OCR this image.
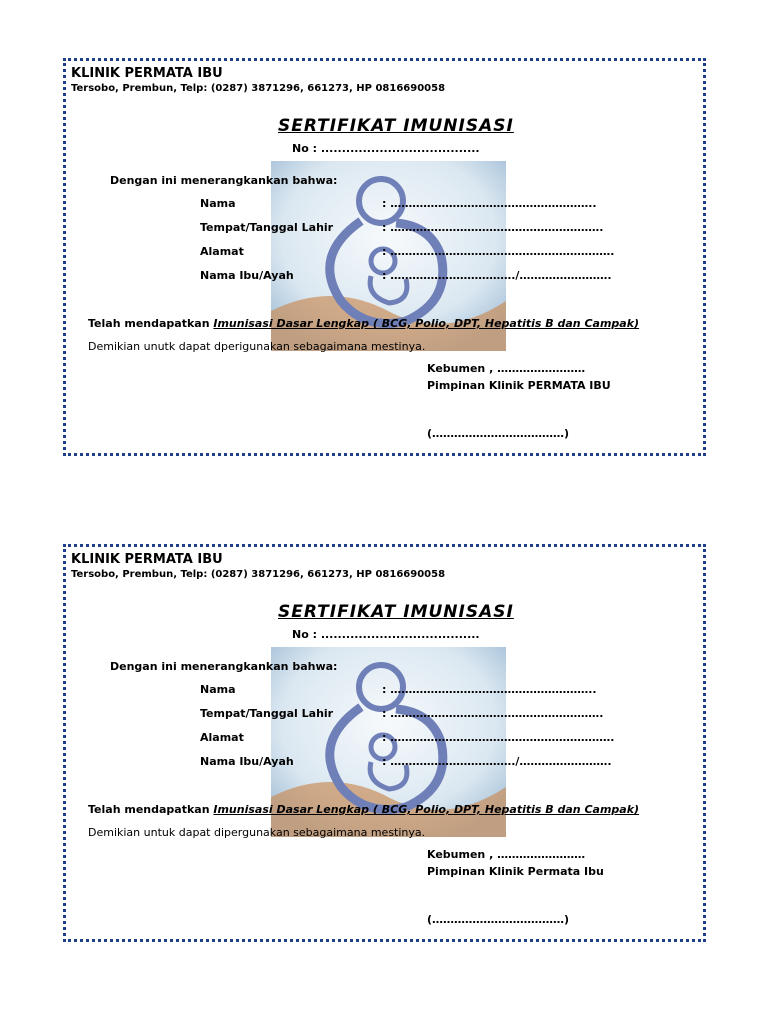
KLINIK PERMATA IBU
Tersobo, Prembun, Telp: (0287) 3871296, 661273, HP 0816690058
SERTIFIKAT IMUNISASI
No : ......................................
Dengan ini menerangkankan bahwa:
Nama	: ………………………………………………..
Tempat/Tanggal Lahir	: ………………………………………………….
Alamat	: …………………………………………………….
Nama Ibu/Ayah	: ……………………………./…………………….
Telah mendapatkan Imunisasi Dasar Lengkap ( BCG, Polio, DPT, Hepatitis B dan Campak)
Demikian unutk dapat dperigunakan sebagaimana mestinya.
Kebumen , ……………………
Pimpinan Klinik PERMATA IBU
(………………………………)
KLINIK PERMATA IBU
Tersobo, Prembun, Telp: (0287) 3871296, 661273, HP 0816690058
SERTIFIKAT IMUNISASI
No : ......................................
Dengan ini menerangkankan bahwa:
Nama	: ………………………………………………..
Tempat/Tanggal Lahir	: ………………………………………………….
Alamat	: …………………………………………………….
Nama Ibu/Ayah	: ……………………………./…………………….
Telah mendapatkan Imunisasi Dasar Lengkap ( BCG, Polio, DPT, Hepatitis B dan Campak)
Demikian untuk dapat dipergunakan sebagaimana mestinya.
Kebumen , ……………………
Pimpinan Klinik Permata Ibu
(………………………………)
